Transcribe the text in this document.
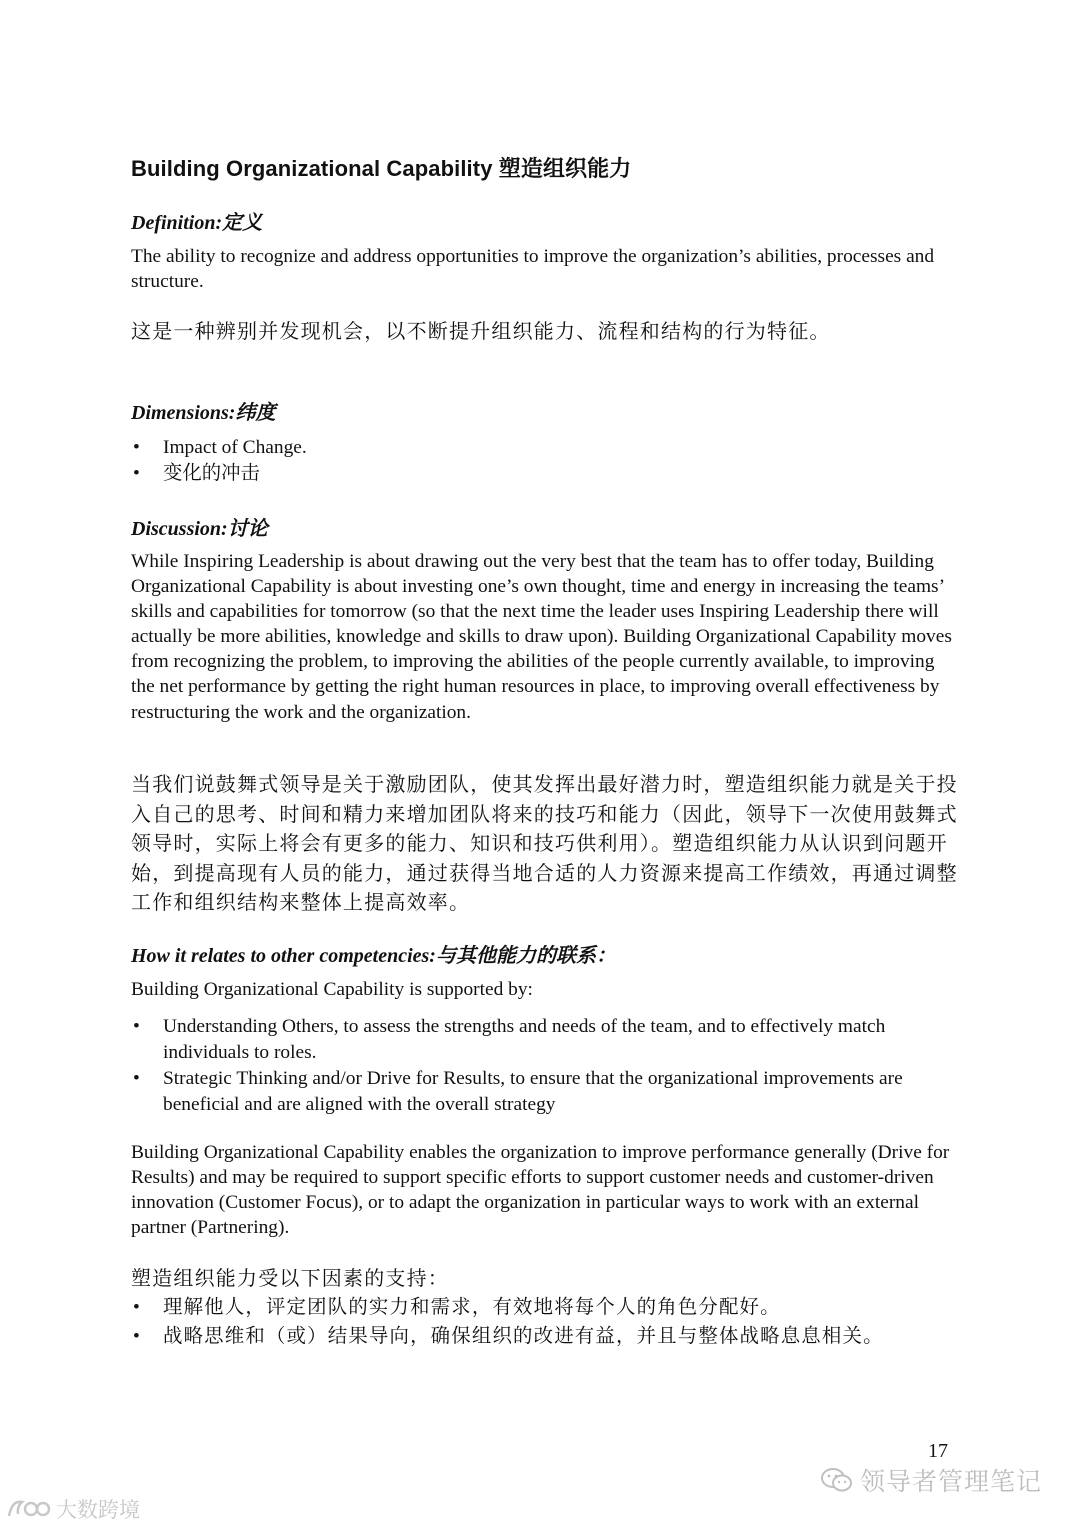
Building Organizational Capability 塑造组织能力
Definition:定义

The ability to recognize and address opportunities to improve the organization’s abilities, processes and structure.

这是一种辨别并发现机会，以不断提升组织能力、流程和结构的行为特征。

Dimensions:纬度
• Impact of Change.
• 变化的冲击
Discussion:讨论

While Inspiring Leadership is about drawing out the very best that the team has to offer today, Building Organizational Capability is about investing one’s own thought, time and energy in increasing the teams’ skills and capabilities for tomorrow (so that the next time the leader uses Inspiring Leadership there will actually be more abilities, knowledge and skills to draw upon). Building Organizational Capability moves from recognizing the problem, to improving the abilities of the people currently available, to improving the net performance by getting the right human resources in place, to improving overall effectiveness by restructuring the work and the organization.

当我们说鼓舞式领导是关于激励团队，使其发挥出最好潜力时，塑造组织能力就是关于投入自己的思考、时间和精力来增加团队将来的技巧和能力（因此，领导下一次使用鼓舞式领导时，实际上将会有更多的能力、知识和技巧供利用）。塑造组织能力从认识到问题开始，到提高现有人员的能力，通过获得当地合适的人力资源来提高工作绩效，再通过调整工作和组织结构来整体上提高效率。

How it relates to other competencies:与其他能力的联系：

Building Organizational Capability is supported by:

• Understanding Others, to assess the strengths and needs of the team, and to effectively match individuals to roles.
• Strategic Thinking and/or Drive for Results, to ensure that the organizational improvements are beneficial and are aligned with the overall strategy

Building Organizational Capability enables the organization to improve performance generally (Drive for Results) and may be required to support specific efforts to support customer needs and customer-driven innovation (Customer Focus), or to adapt the organization in particular ways to work with an external partner (Partnering).

塑造组织能力受以下因素的支持：

• 理解他人，评定团队的实力和需求，有效地将每个人的角色分配好。
• 战略思维和（或）结果导向，确保组织的改进有益，并且与整体战略息息相关。
17
领导者管理笔记
大数跨境
